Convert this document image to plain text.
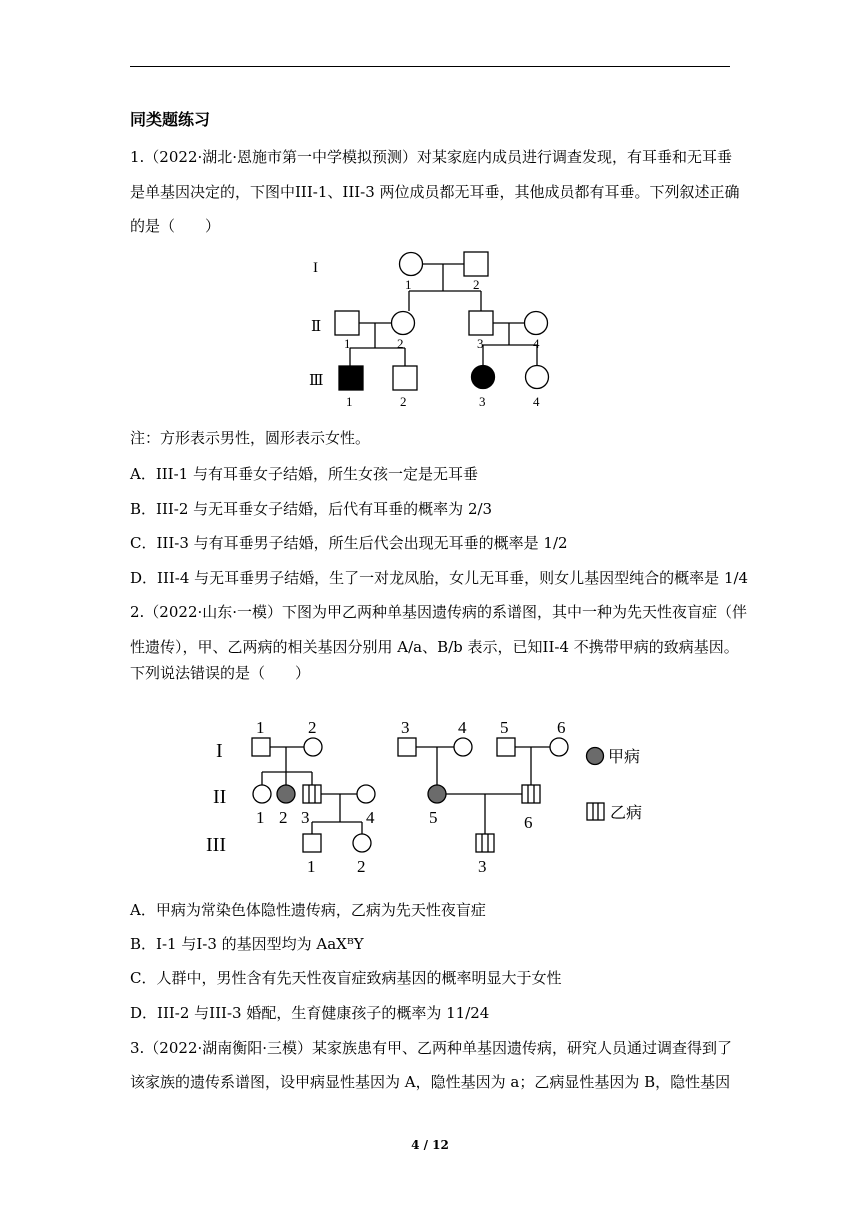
同类题练习
1.（2022·湖北·恩施市第一中学模拟预测）对某家庭内成员进行调查发现，有耳垂和无耳垂
是单基因决定的，下图中III-1、III-3 两位成员都无耳垂，其他成员都有耳垂。下列叙述正确
的是（　　）
I
Ⅱ
Ⅲ
1	2
1	2	3	4
1	2	3	4
注：方形表示男性，圆形表示女性。
A．III-1 与有耳垂女子结婚，所生女孩一定是无耳垂
B．III-2 与无耳垂女子结婚，后代有耳垂的概率为 2/3
C．III-3 与有耳垂男子结婚，所生后代会出现无耳垂的概率是 1/2
D．III-4 与无耳垂男子结婚，生了一对龙凤胎，女儿无耳垂，则女儿基因型纯合的概率是 1/4
2.（2022·山东·一模）下图为甲乙两种单基因遗传病的系谱图，其中一种为先天性夜盲症（伴
性遗传），甲、乙两病的相关基因分别用 A/a、B/b 表示，已知II-4 不携带甲病的致病基因。
下列说法错误的是（　　）
I
II
III
1	2	3	4 5	6
1 2 3	4	5	6
1 2	3
甲病
乙病
A．甲病为常染色体隐性遗传病，乙病为先天性夜盲症
B．I-1 与I-3 的基因型均为 AaXᴮY
C．人群中，男性含有先天性夜盲症致病基因的概率明显大于女性
D．III-2 与III-3 婚配，生育健康孩子的概率为 11/24
3.（2022·湖南衡阳·三模）某家族患有甲、乙两种单基因遗传病，研究人员通过调查得到了
该家族的遗传系谱图，设甲病显性基因为 A，隐性基因为 a；乙病显性基因为 B，隐性基因
4 / 12
